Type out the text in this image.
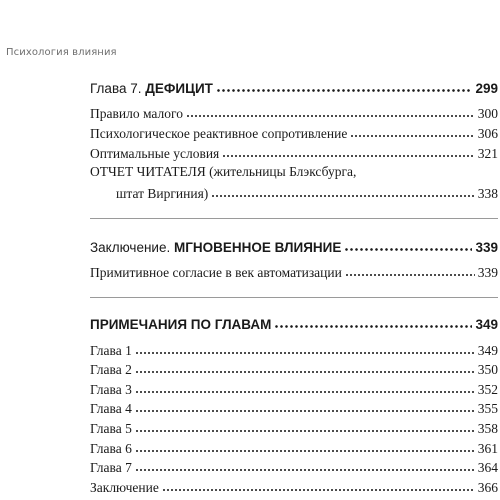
Психология влияния
Глава 7. ДЕФИЦИТ	299
Правило малого	300
Психологическое реактивное сопротивление	306
Оптимальные условия	321
ОТЧЕТ ЧИТАТЕЛЯ (жительницы Блэксбурга,
штат Виргиния)	338
Заключение. МГНОВЕННОЕ ВЛИЯНИЕ	339
Примитивное согласие в век автоматизации	339
ПРИМЕЧАНИЯ ПО ГЛАВАМ	349
Глава 1	349
Глава 2	350
Глава 3	352
Глава 4	355
Глава 5	358
Глава 6	361
Глава 7	364
Заключение	366
